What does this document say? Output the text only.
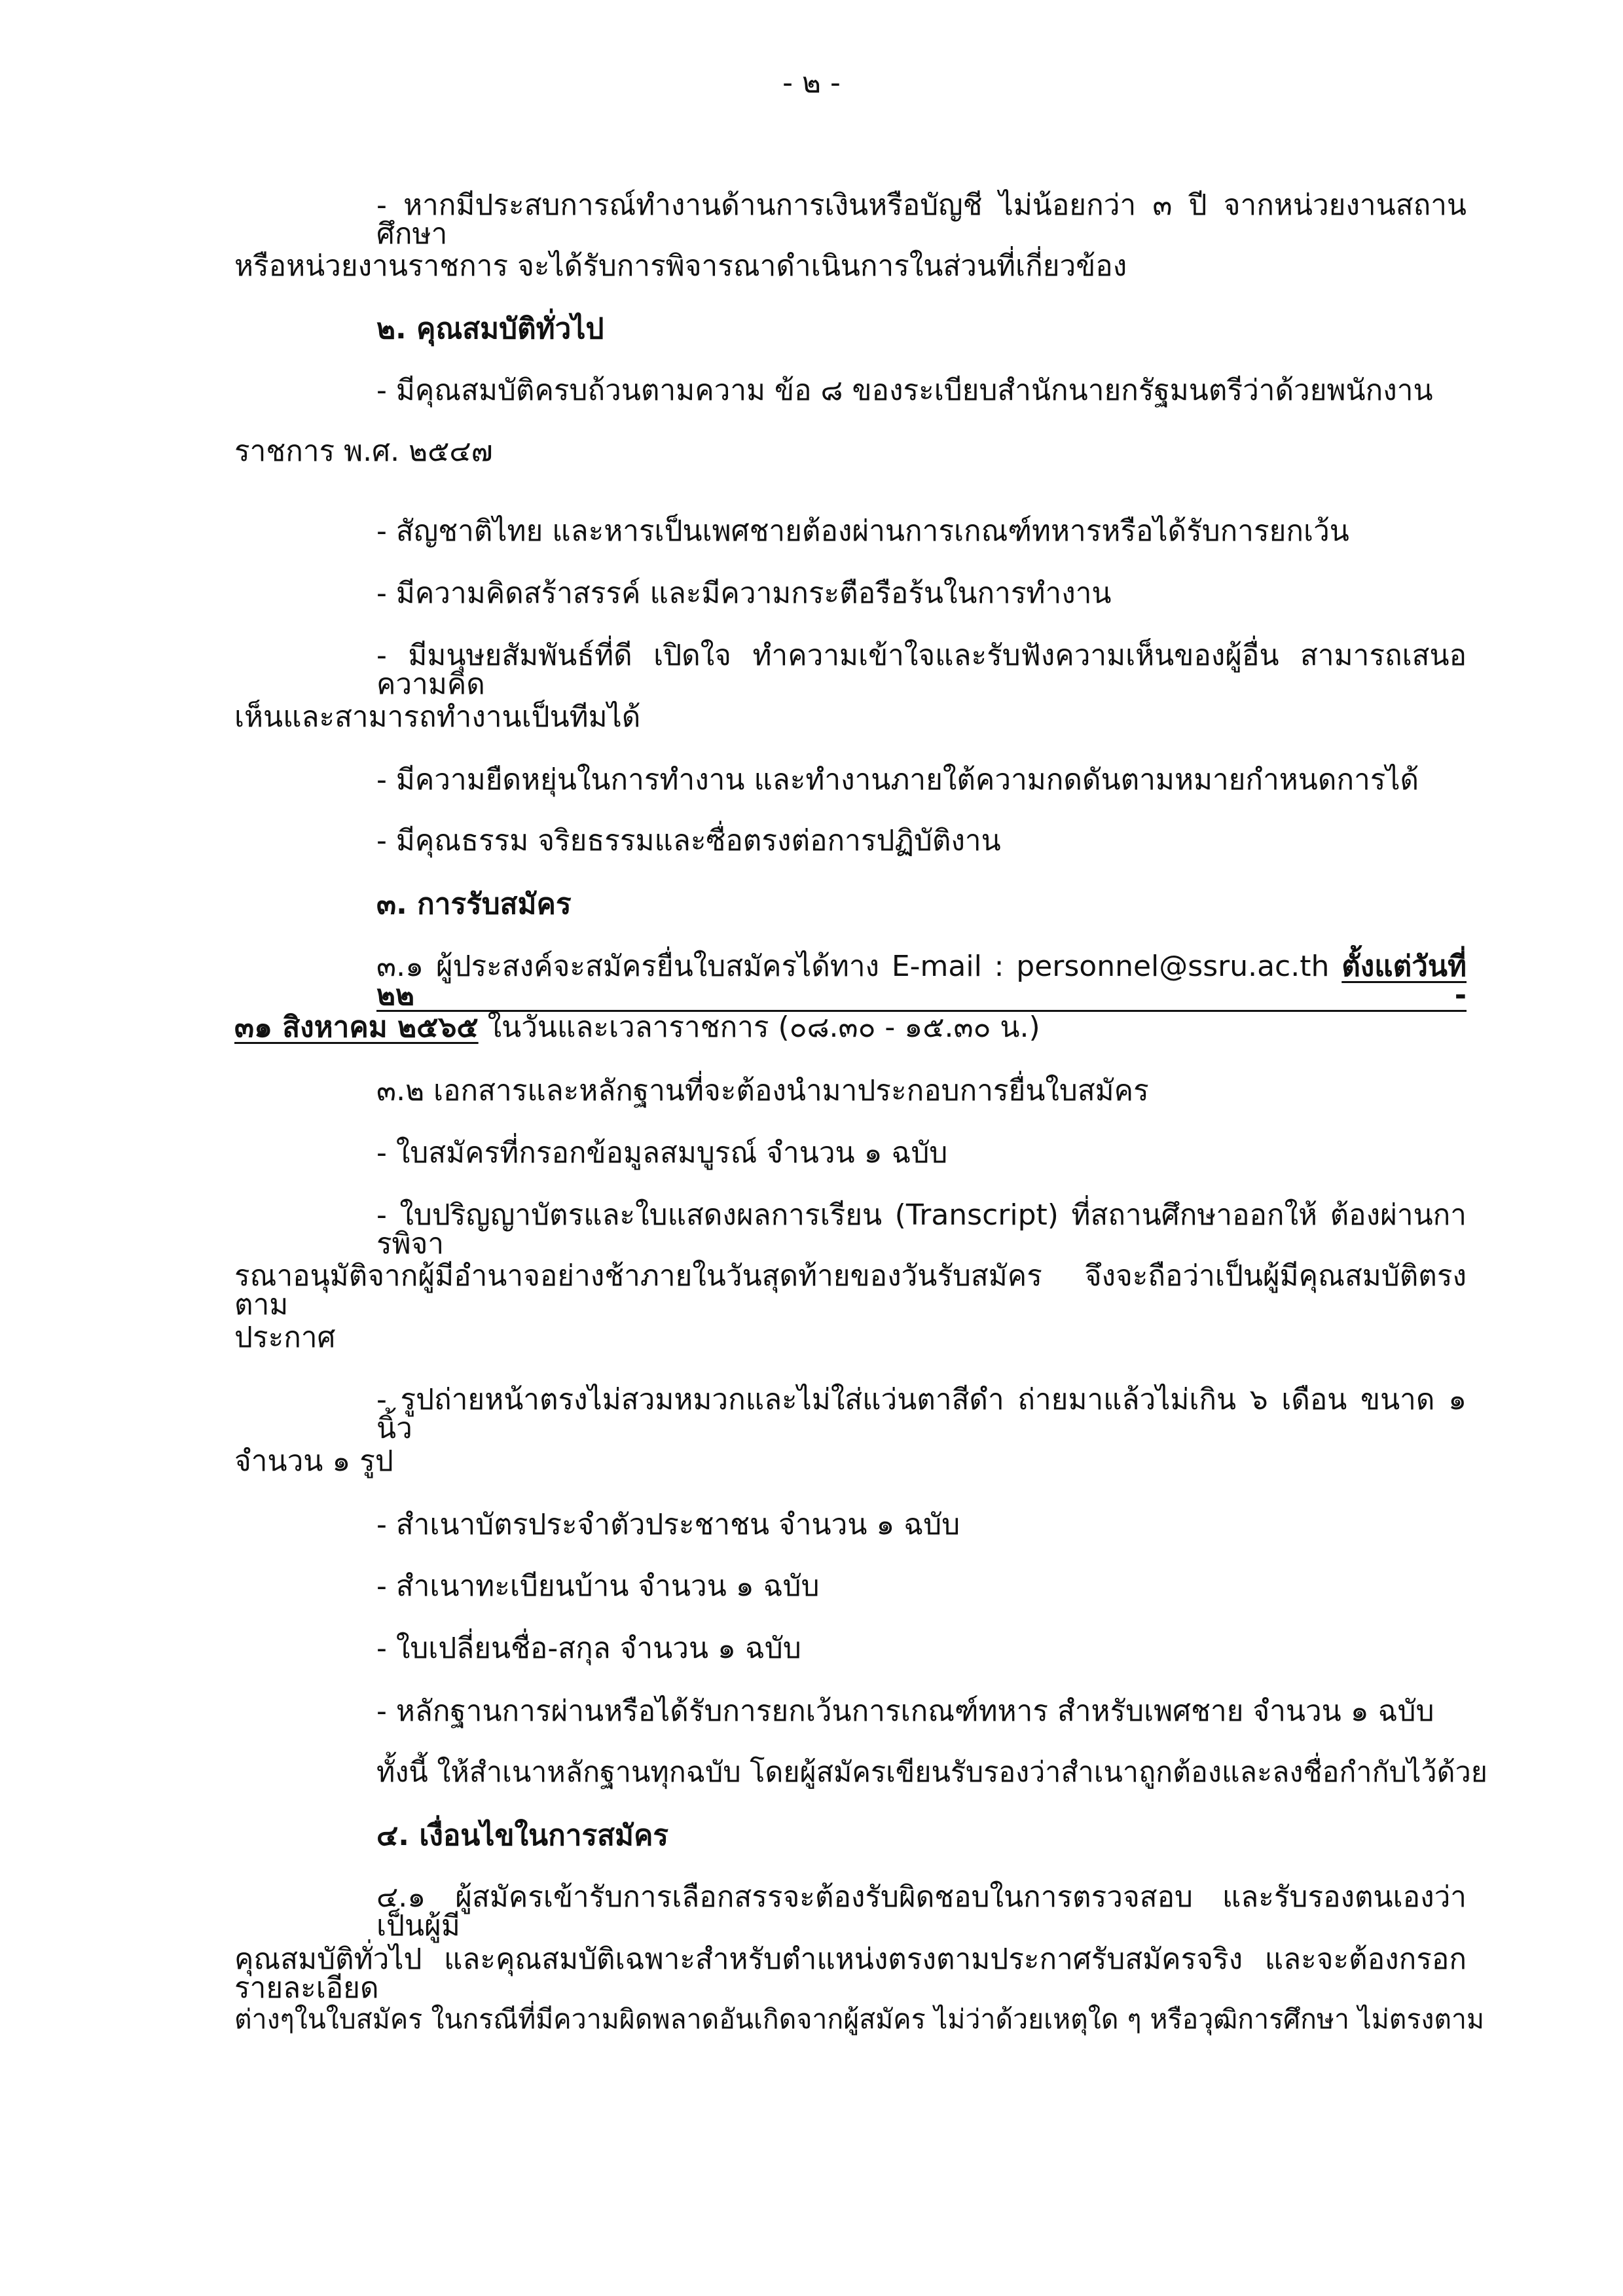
- ๒ -
- หากมีประสบการณ์ทำงานด้านการเงินหรือบัญชี ไม่น้อยกว่า ๓ ปี จากหน่วยงานสถานศึกษา
หรือหน่วยงานราชการ จะได้รับการพิจารณาดำเนินการในส่วนที่เกี่ยวข้อง
๒. คุณสมบัติทั่วไป
- มีคุณสมบัติครบถ้วนตามความ ข้อ ๘ ของระเบียบสำนักนายกรัฐมนตรีว่าด้วยพนักงาน
ราชการ พ.ศ. ๒๕๔๗
- สัญชาติไทย และหารเป็นเพศชายต้องผ่านการเกณฑ์ทหารหรือได้รับการยกเว้น
- มีความคิดสร้าสรรค์ และมีความกระตือรือร้นในการทำงาน
- มีมนุษยสัมพันธ์ที่ดี เปิดใจ ทำความเข้าใจและรับฟังความเห็นของผู้อื่น สามารถเสนอความคิด
เห็นและสามารถทำงานเป็นทีมได้
- มีความยืดหยุ่นในการทำงาน และทำงานภายใต้ความกดดันตามหมายกำหนดการได้
- มีคุณธรรม จริยธรรมและซื่อตรงต่อการปฏิบัติงาน
๓. การรับสมัคร
๓.๑ ผู้ประสงค์จะสมัครยื่นใบสมัครได้ทาง E-mail : personnel@ssru.ac.th ตั้งแต่วันที่ ๒๒ -
๓๑ สิงหาคม ๒๕๖๕ ในวันและเวลาราชการ (๐๘.๓๐ - ๑๕.๓๐ น.)
๓.๒ เอกสารและหลักฐานที่จะต้องนำมาประกอบการยื่นใบสมัคร
- ใบสมัครที่กรอกข้อมูลสมบูรณ์ จำนวน ๑ ฉบับ
- ใบปริญญาบัตรและใบแสดงผลการเรียน (Transcript) ที่สถานศึกษาออกให้ ต้องผ่านการพิจา
รณาอนุมัติจากผู้มีอำนาจอย่างช้าภายในวันสุดท้ายของวันรับสมัคร จึงจะถือว่าเป็นผู้มีคุณสมบัติตรงตาม
ประกาศ
- รูปถ่ายหน้าตรงไม่สวมหมวกและไม่ใส่แว่นตาสีดำ ถ่ายมาแล้วไม่เกิน ๖ เดือน ขนาด ๑ นิ้ว
จำนวน ๑ รูป
- สำเนาบัตรประจำตัวประชาชน จำนวน ๑ ฉบับ
- สำเนาทะเบียนบ้าน จำนวน ๑ ฉบับ
- ใบเปลี่ยนชื่อ-สกุล จำนวน ๑ ฉบับ
- หลักฐานการผ่านหรือได้รับการยกเว้นการเกณฑ์ทหาร สำหรับเพศชาย จำนวน ๑ ฉบับ
ทั้งนี้ ให้สำเนาหลักฐานทุกฉบับ โดยผู้สมัครเขียนรับรองว่าสำเนาถูกต้องและลงชื่อกำกับไว้ด้วย
๔. เงื่อนไขในการสมัคร
๔.๑ ผู้สมัครเข้ารับการเลือกสรรจะต้องรับผิดชอบในการตรวจสอบ และรับรองตนเองว่าเป็นผู้มี
คุณสมบัติทั่วไป และคุณสมบัติเฉพาะสำหรับตำแหน่งตรงตามประกาศรับสมัครจริง และจะต้องกรอกรายละเอียด
ต่างๆในใบสมัคร ในกรณีที่มีความผิดพลาดอันเกิดจากผู้สมัคร ไม่ว่าด้วยเหตุใด ๆ หรือวุฒิการศึกษา ไม่ตรงตาม
